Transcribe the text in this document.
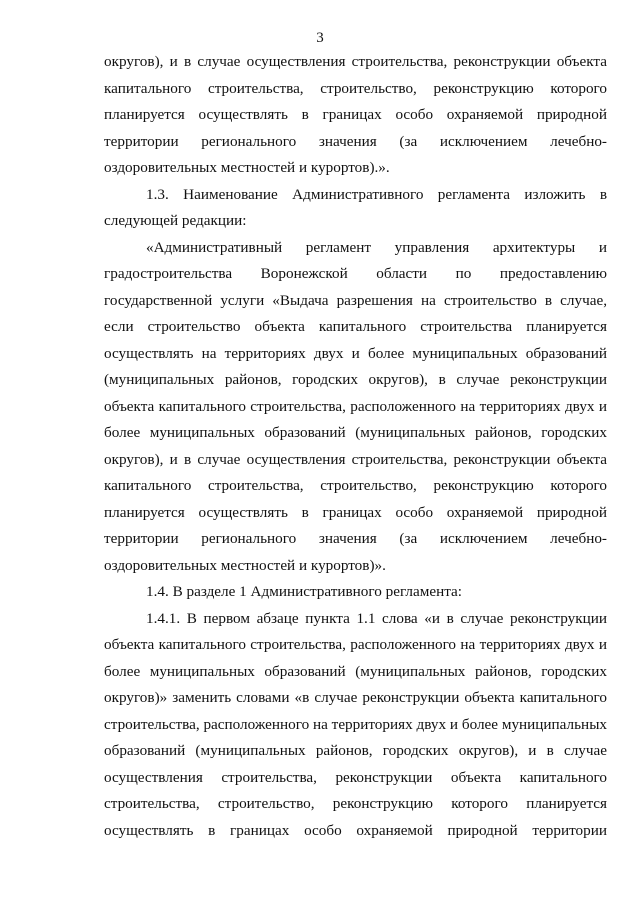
3
округов), и в случае осуществления строительства, реконструкции объекта
капитального строительства, строительство, реконструкцию которого
планируется осуществлять в границах особо охраняемой природной
территории регионального значения (за исключением лечебно-
оздоровительных местностей и курортов).».
1.3. Наименование Административного регламента изложить в
следующей редакции:
«Административный регламент управления архитектуры и
градостроительства Воронежской области по предоставлению
государственной услуги «Выдача разрешения на строительство в случае,
если строительство объекта капитального строительства планируется
осуществлять на территориях двух и более муниципальных образований
(муниципальных районов, городских округов), в случае реконструкции
объекта капитального строительства, расположенного на территориях двух и
более муниципальных образований (муниципальных районов, городских
округов), и в случае осуществления строительства, реконструкции объекта
капитального строительства, строительство, реконструкцию которого
планируется осуществлять в границах особо охраняемой природной
территории регионального значения (за исключением лечебно-
оздоровительных местностей и курортов)».
1.4. В разделе 1 Административного регламента:
1.4.1. В первом абзаце пункта 1.1 слова «и в случае реконструкции
объекта капитального строительства, расположенного на территориях двух и
более муниципальных образований (муниципальных районов, городских
округов)» заменить словами «в случае реконструкции объекта капитального
строительства, расположенного на территориях двух и более муниципальных
образований (муниципальных районов, городских округов), и в случае
осуществления строительства, реконструкции объекта капитального
строительства, строительство, реконструкцию которого планируется
осуществлять в границах особо охраняемой природной территории
